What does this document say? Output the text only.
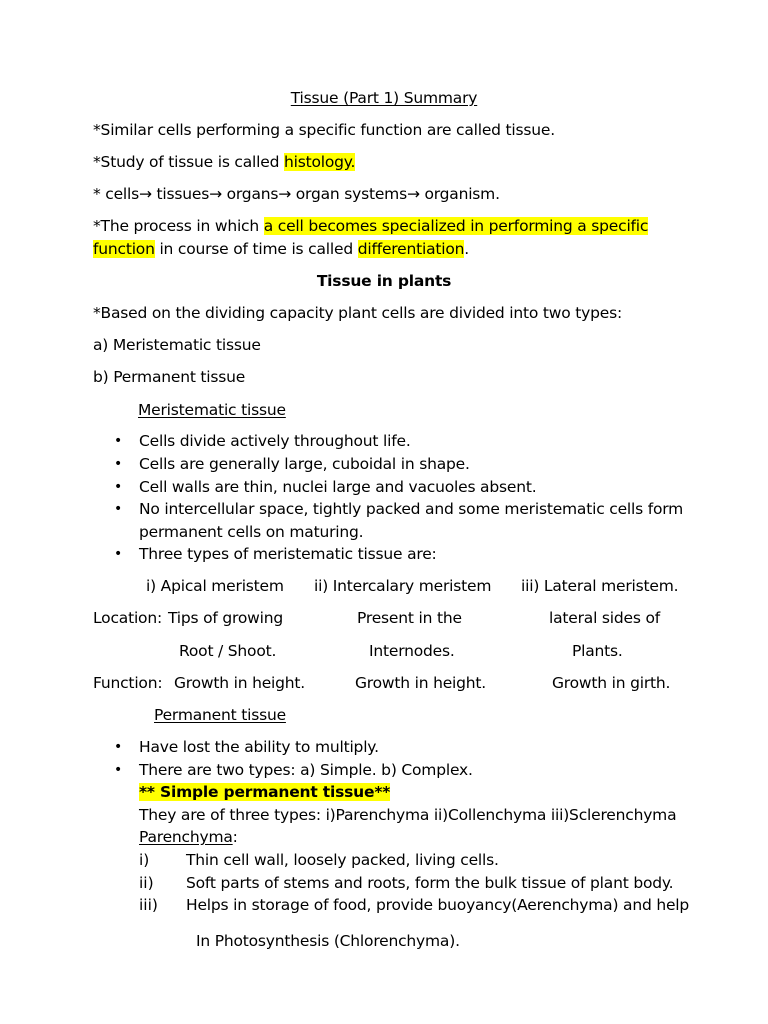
Tissue (Part 1) Summary
*Similar cells performing a specific function are called tissue.
*Study of tissue is called histology.
* cells→ tissues→ organs→ organ systems→ organism.
*The process in which a cell becomes specialized in performing a specific
function in course of time is called differentiation.
Tissue in plants
*Based on the dividing capacity plant cells are divided into two types:
a) Meristematic tissue
b) Permanent tissue
Meristematic tissue
• Cells divide actively throughout life.
• Cells are generally large, cuboidal in shape.
• Cell walls are thin, nuclei large and vacuoles absent.
• No intercellular space, tightly packed and some meristematic cells form
permanent cells on maturing.
• Three types of meristematic tissue are:
i) Apical meristem ii) Intercalary meristem iii) Lateral meristem.
Location: Tips of growing	Present in the	lateral sides of
Root / Shoot.	Internodes.	Plants.
Function: Growth in height.	Growth in height.	Growth in girth.
Permanent tissue
• Have lost the ability to multiply.
• There are two types: a) Simple. b) Complex.
** Simple permanent tissue**
They are of three types: i)Parenchyma ii)Collenchyma iii)Sclerenchyma
Parenchyma:
i) Thin cell wall, loosely packed, living cells.
ii) Soft parts of stems and roots, form the bulk tissue of plant body.
iii) Helps in storage of food, provide buoyancy(Aerenchyma) and help
In Photosynthesis (Chlorenchyma).
